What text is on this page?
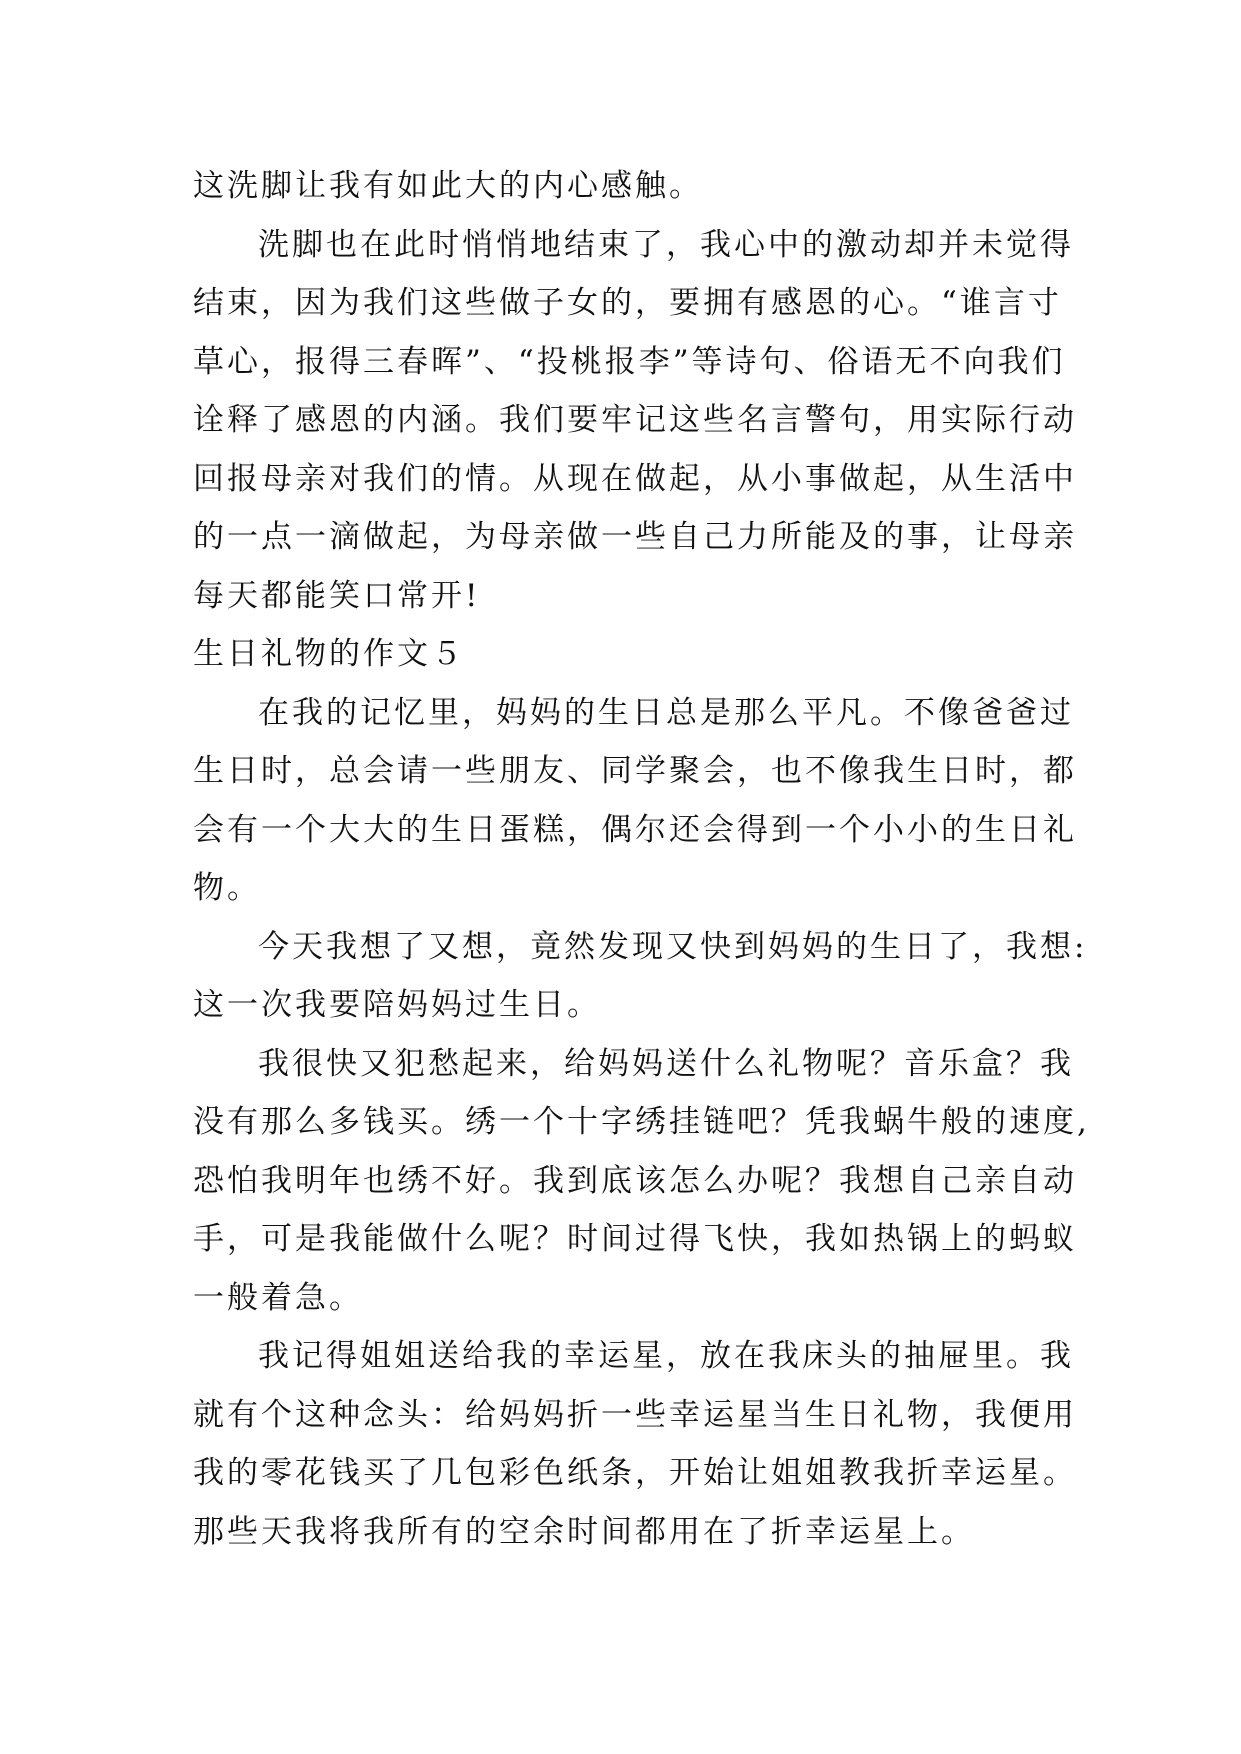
这洗脚让我有如此大的内心感触。
洗脚也在此时悄悄地结束了，我心中的激动却并未觉得
结束，因为我们这些做子女的，要拥有感恩的心。“谁言寸
草心，报得三春晖”、“投桃报李”等诗句、俗语无不向我们
诠释了感恩的内涵。我们要牢记这些名言警句，用实际行动
回报母亲对我们的情。从现在做起，从小事做起，从生活中
的一点一滴做起，为母亲做一些自己力所能及的事，让母亲
每天都能笑口常开!
生日礼物的作文５
在我的记忆里，妈妈的生日总是那么平凡。不像爸爸过
生日时，总会请一些朋友、同学聚会，也不像我生日时，都
会有一个大大的生日蛋糕，偶尔还会得到一个小小的生日礼
物。
今天我想了又想，竟然发现又快到妈妈的生日了，我想:
这一次我要陪妈妈过生日。
我很快又犯愁起来，给妈妈送什么礼物呢？音乐盒？我
没有那么多钱买。绣一个十字绣挂链吧？凭我蜗牛般的速度,
恐怕我明年也绣不好。我到底该怎么办呢？我想自己亲自动
手，可是我能做什么呢？时间过得飞快，我如热锅上的蚂蚁
一般着急。
我记得姐姐送给我的幸运星，放在我床头的抽屉里。我
就有个这种念头：给妈妈折一些幸运星当生日礼物，我便用
我的零花钱买了几包彩色纸条，开始让姐姐教我折幸运星。
那些天我将我所有的空余时间都用在了折幸运星上。
